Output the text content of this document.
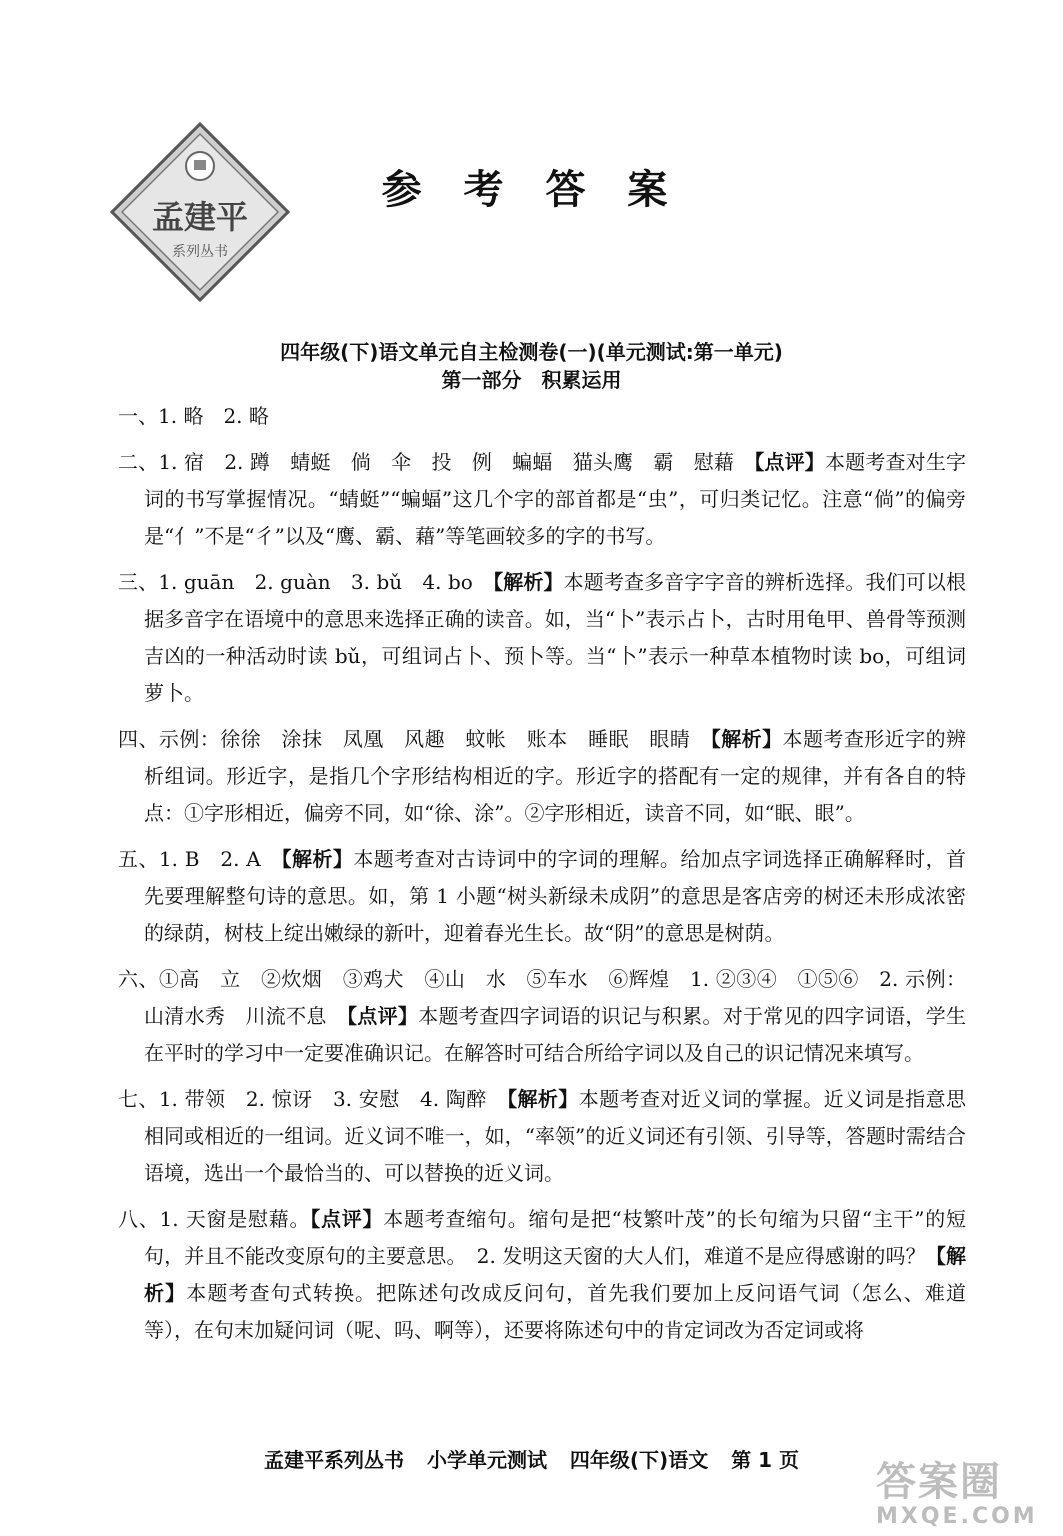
孟建平
系列丛书
参 考 答 案
四年级(下)语文单元自主检测卷(一)(单元测试:第一单元)
第一部分　积累运用

一、1. 略　2. 略

二、1. 宿　2. 蹲　蜻蜓　倘　伞　投　例　蝙蝠　猫头鹰　霸　慰藉　【点评】本题考查对生字词的书写掌握情况。“蜻蜓”“蝙蝠”这几个字的部首都是“虫”，可归类记忆。注意“倘”的偏旁是“亻”不是“彳”以及“鹰、霸、藉”等笔画较多的字的书写。

三、1. guān　2. guàn　3. bǔ　4. bo　【解析】本题考查多音字字音的辨析选择。我们可以根据多音字在语境中的意思来选择正确的读音。如，当“卜”表示占卜，古时用龟甲、兽骨等预测吉凶的一种活动时读 bǔ，可组词占卜、预卜等。当“卜”表示一种草本植物时读 bo，可组词萝卜。

四、示例：徐徐　涂抹　凤凰　风趣　蚊帐　账本　睡眠　眼睛　【解析】本题考查形近字的辨析组词。形近字，是指几个字形结构相近的字。形近字的搭配有一定的规律，并有各自的特点：①字形相近，偏旁不同，如“徐、涂”。②字形相近，读音不同，如“眠、眼”。

五、1. B　2. A　【解析】本题考查对古诗词中的字词的理解。给加点字词选择正确解释时，首先要理解整句诗的意思。如，第 1 小题“树头新绿未成阴”的意思是客店旁的树还未形成浓密的绿荫，树枝上绽出嫩绿的新叶，迎着春光生长。故“阴”的意思是树荫。

六、①高　立　②炊烟　③鸡犬　④山　水　⑤车水　⑥辉煌　1. ②③④　①⑤⑥　2. 示例：山清水秀　川流不息　【点评】本题考查四字词语的识记与积累。对于常见的四字词语，学生在平时的学习中一定要准确识记。在解答时可结合所给字词以及自己的识记情况来填写。

七、1. 带领　2. 惊讶　3. 安慰　4. 陶醉　【解析】本题考查对近义词的掌握。近义词是指意思相同或相近的一组词。近义词不唯一，如，“率领”的近义词还有引领、引导等，答题时需结合语境，选出一个最恰当的、可以替换的近义词。

八、1. 天窗是慰藉。【点评】本题考查缩句。缩句是把“枝繁叶茂”的长句缩为只留“主干”的短句，并且不能改变原句的主要意思。　2. 发明这天窗的大人们，难道不是应得感谢的吗？【解析】本题考查句式转换。把陈述句改成反问句，首先我们要加上反问语气词（怎么、难道等），在句末加疑问词（呢、吗、啊等），还要将陈述句中的肯定词改为否定词或将

孟建平系列丛书 小学单元测试 四年级(下)语文 第 1 页	答案圈
MXQE.COM
